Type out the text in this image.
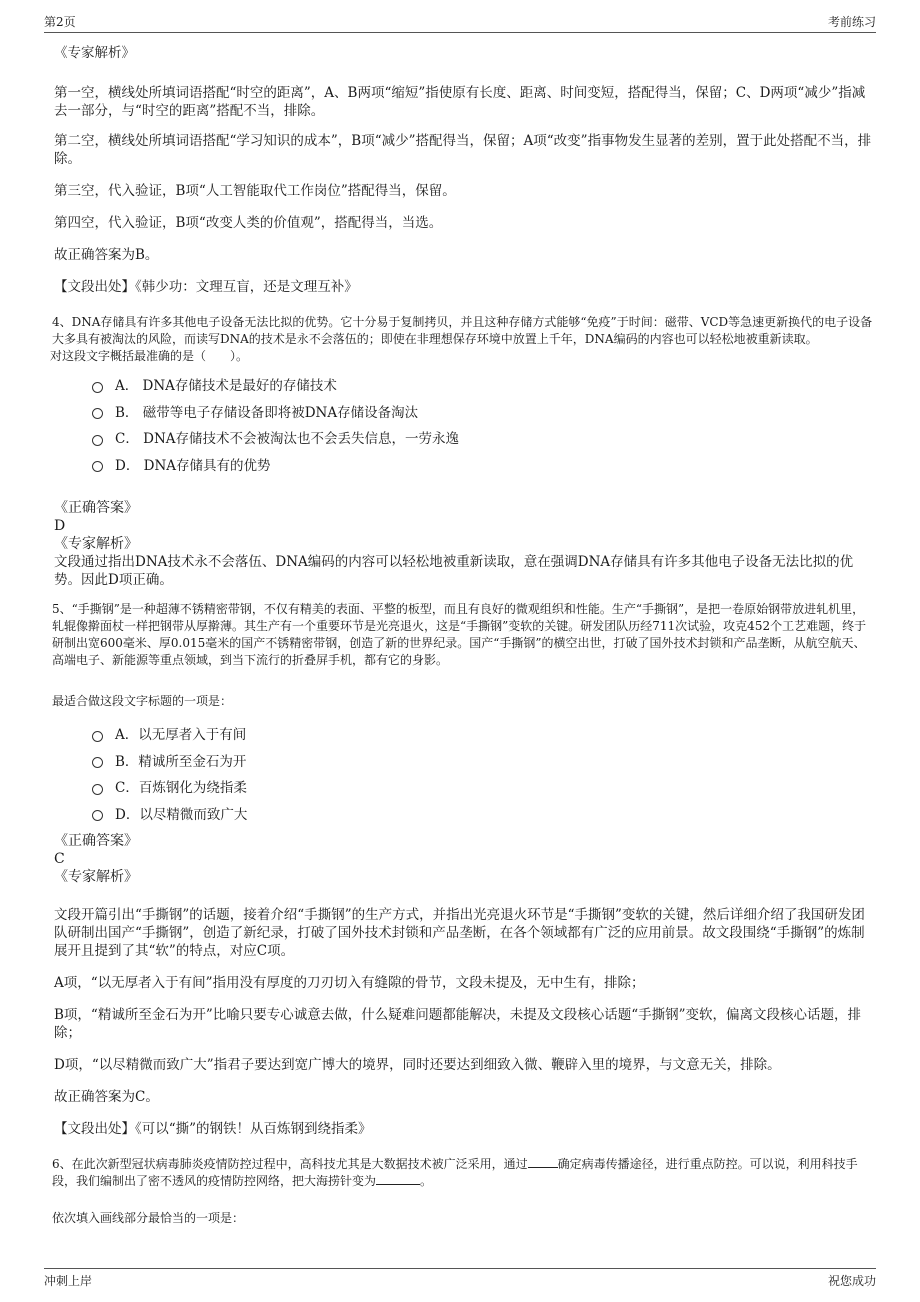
第2页	考前练习
《专家解析》
第一空，横线处所填词语搭配“时空的距离”，A、B两项“缩短”指使原有长度、距离、时间变短，搭配得当，保留；C、D两项“减少”指减去一部分，与“时空的距离”搭配不当，排除。
第二空，横线处所填词语搭配“学习知识的成本”，B项“减少”搭配得当，保留；A项“改变”指事物发生显著的差别，置于此处搭配不当，排除。
第三空，代入验证，B项“人工智能取代工作岗位”搭配得当，保留。
第四空，代入验证，B项“改变人类的价值观”，搭配得当，当选。
故正确答案为B。
【文段出处】《韩少功：文理互盲，还是文理互补》
4、DNA存储具有许多其他电子设备无法比拟的优势。它十分易于复制拷贝，并且这种存储方式能够“免疫”于时间：磁带、VCD等急速更新换代的电子设备大多具有被淘汰的风险，而读写DNA的技术是永不会落伍的；即使在非理想保存环境中放置上千年，DNA编码的内容也可以轻松地被重新读取。
对这段文字概括最准确的是（　　）。
A． DNA存储技术是最好的存储技术
B． 磁带等电子存储设备即将被DNA存储设备淘汰
C． DNA存储技术不会被淘汰也不会丢失信息，一劳永逸
D． DNA存储具有的优势
《正确答案》
D
《专家解析》
文段通过指出DNA技术永不会落伍、DNA编码的内容可以轻松地被重新读取，意在强调DNA存储具有许多其他电子设备无法比拟的优势。因此D项正确。
5、“手撕钢”是一种超薄不锈精密带钢，不仅有精美的表面、平整的板型，而且有良好的微观组织和性能。生产“手撕钢”，是把一卷原始钢带放进轧机里，轧辊像擀面杖一样把钢带从厚擀薄。其生产有一个重要环节是光亮退火，这是“手撕钢”变软的关键。研发团队历经711次试验，攻克452个工艺难题，终于研制出宽600毫米、厚0.015毫米的国产不锈精密带钢，创造了新的世界纪录。国产“手撕钢”的横空出世，打破了国外技术封锁和产品垄断，从航空航天、高端电子、新能源等重点领域，到当下流行的折叠屏手机，都有它的身影。
最适合做这段文字标题的一项是：
A．以无厚者入于有间
B．精诚所至金石为开
C．百炼钢化为绕指柔
D．以尽精微而致广大
《正确答案》
C
《专家解析》
文段开篇引出“手撕钢”的话题，接着介绍“手撕钢”的生产方式，并指出光亮退火环节是“手撕钢”变软的关键，然后详细介绍了我国研发团队研制出国产“手撕钢”，创造了新纪录，打破了国外技术封锁和产品垄断，在各个领域都有广泛的应用前景。故文段围绕“手撕钢”的炼制展开且提到了其“软”的特点，对应C项。
A项，“以无厚者入于有间”指用没有厚度的刀刃切入有缝隙的骨节，文段未提及，无中生有，排除；
B项，“精诚所至金石为开”比喻只要专心诚意去做，什么疑难问题都能解决，未提及文段核心话题“手撕钢”变软，偏离文段核心话题，排除；
D项，“以尽精微而致广大”指君子要达到宽广博大的境界，同时还要达到细致入微、鞭辟入里的境界，与文意无关，排除。
故正确答案为C。
【文段出处】《可以“撕”的钢铁！从百炼钢到绕指柔》
6、在此次新型冠状病毒肺炎疫情防控过程中，高科技尤其是大数据技术被广泛采用，通过	确定病毒传播途径，进行重点防控。可以说，利用科技手段，我们编制出了密不透风的疫情防控网络，把大海捞针变为	。
依次填入画线部分最恰当的一项是：
冲刺上岸	祝您成功
